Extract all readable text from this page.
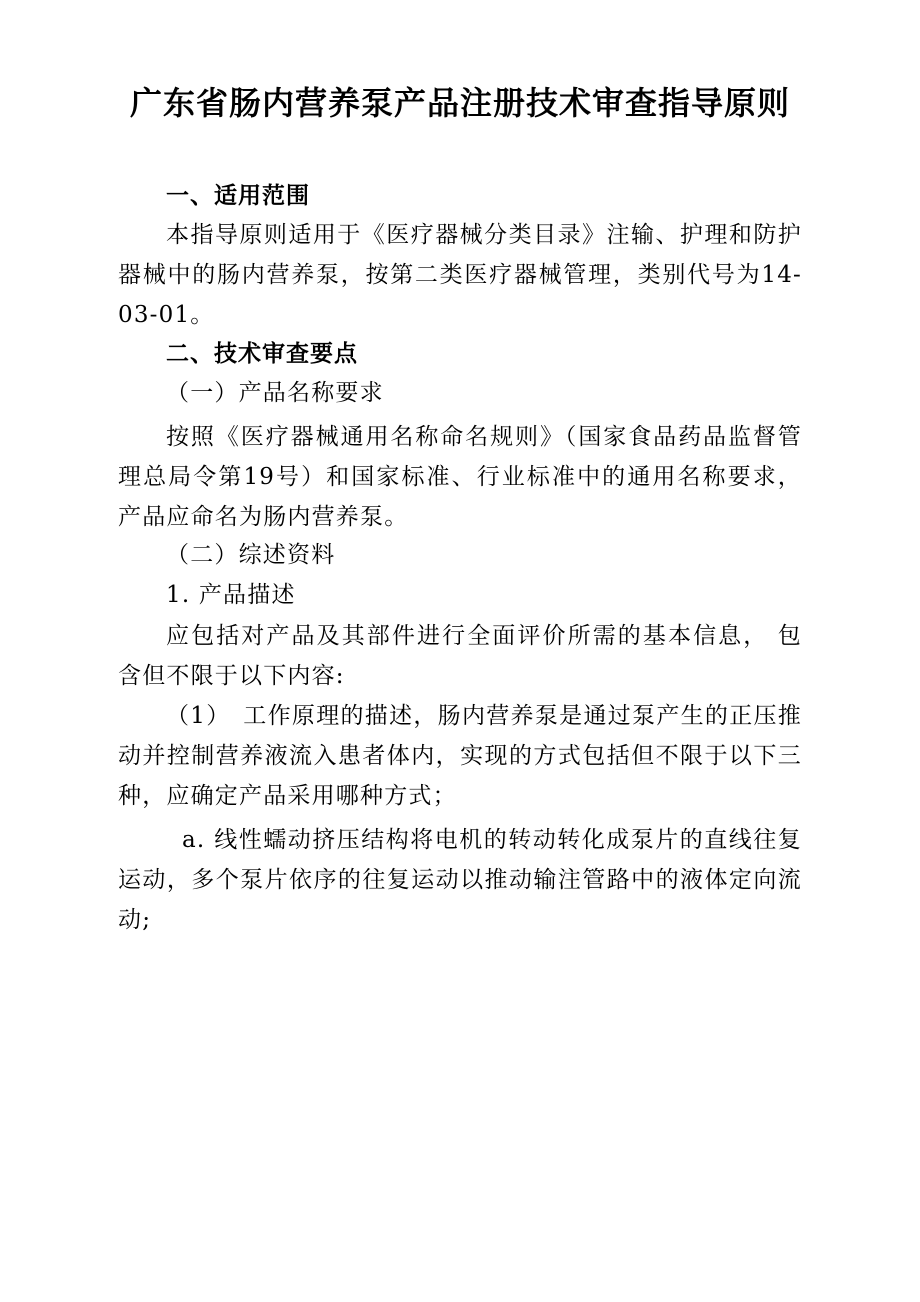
广东省肠内营养泵产品注册技术审查指导原则

一、适用范围

本指导原则适用于《医疗器械分类目录》注输、护理和防护器械中的肠内营养泵，按第二类医疗器械管理，类别代号为14-03-01。

二、技术审查要点

（一）产品名称要求

按照《医疗器械通用名称命名规则》（国家食品药品监督管理总局令第19号）和国家标准、行业标准中的通用名称要求，产品应命名为肠内营养泵。

（二）综述资料

1. 产品描述

应包括对产品及其部件进行全面评价所需的基本信息， 包含但不限于以下内容:

（1）　工作原理的描述，肠内营养泵是通过泵产生的正压推动并控制营养液流入患者体内，实现的方式包括但不限于以下三种，应确定产品采用哪种方式；

a. 线性蠕动挤压结构将电机的转动转化成泵片的直线往复运动，多个泵片依序的往复运动以推动输注管路中的液体定向流动;
